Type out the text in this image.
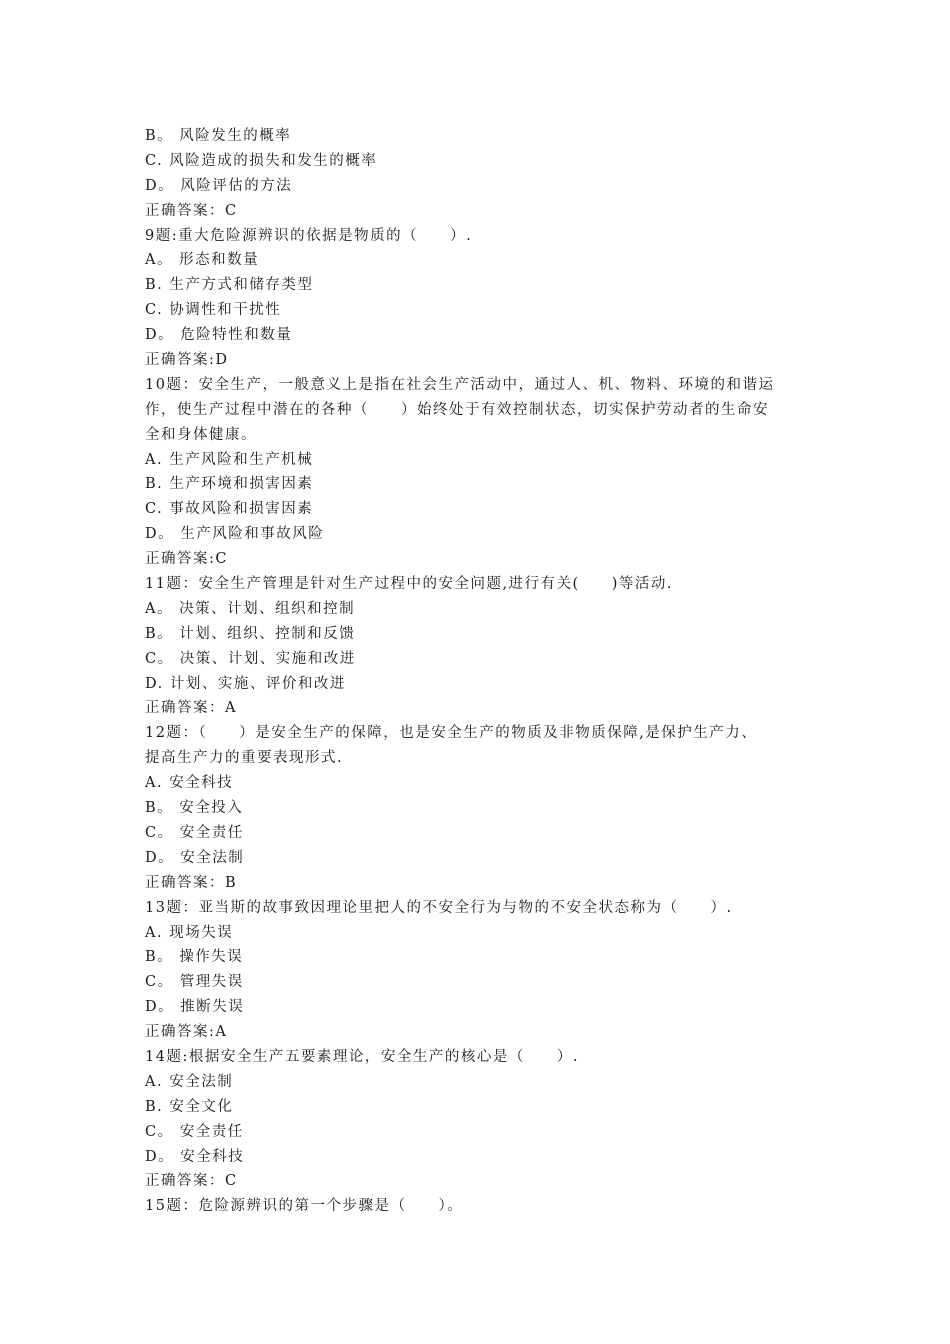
B。 风险发生的概率
C. 风险造成的损失和发生的概率
D。 风险评估的方法
正确答案：C
9题:重大危险源辨识的依据是物质的（　　）.
A。 形态和数量
B. 生产方式和储存类型
C. 协调性和干扰性
D。 危险特性和数量
正确答案:D
10题：安全生产，一般意义上是指在社会生产活动中，通过人、机、物料、环境的和谐运
作，使生产过程中潜在的各种（　　）始终处于有效控制状态，切实保护劳动者的生命安
全和身体健康。
A. 生产风险和生产机械
B. 生产环境和损害因素
C. 事故风险和损害因素
D。 生产风险和事故风险
正确答案:C
11题：安全生产管理是针对生产过程中的安全问题,进行有关(　　)等活动.
A。 决策、计划、组织和控制
B。 计划、组织、控制和反馈
C。 决策、计划、实施和改进
D. 计划、实施、评价和改进
正确答案：A
12题：（　　）是安全生产的保障，也是安全生产的物质及非物质保障,是保护生产力、
提高生产力的重要表现形式.
A. 安全科技
B。 安全投入
C。 安全责任
D。 安全法制
正确答案：B
13题：亚当斯的故事致因理论里把人的不安全行为与物的不安全状态称为（　　）.
A. 现场失误
B。 操作失误
C。 管理失误
D。 推断失误
正确答案:A
14题:根据安全生产五要素理论，安全生产的核心是（　　）.
A. 安全法制
B. 安全文化
C。 安全责任
D。 安全科技
正确答案：C
15题：危险源辨识的第一个步骤是（　　）。
